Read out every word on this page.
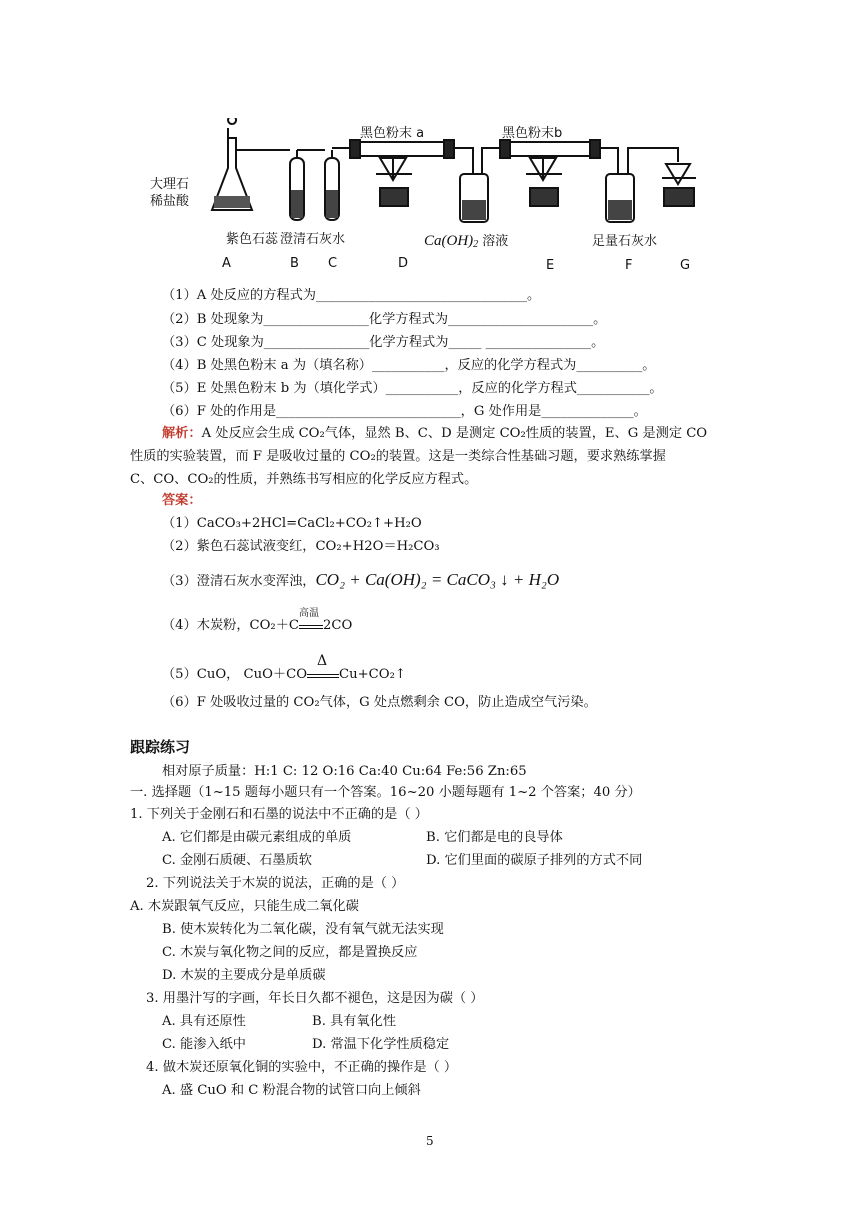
大理石
稀盐酸
黑色粉末 a	黑色粉末b
紫色石蕊 澄清石灰水	$Ca(OH)_2$ 溶液	足量石灰水
A	B C	D	E	F	G
（1）A 处反应的方程式为________________________________。
（2）B 处现象为________________化学方程式为______________________。
（3）C 处现象为________________化学方程式为_____ ________________。
（4）B 处黑色粉末 a 为（填名称）___________，反应的化学方程式为__________。
（5）E 处黑色粉末 b 为（填化学式）___________，反应的化学方程式___________。
（6）F 处的作用是____________________________，G 处作用是______________。
解析：A 处反应会生成 CO₂气体，显然 B、C、D 是测定 CO₂性质的装置，E、G 是测定 CO
性质的实验装置，而 F 是吸收过量的 CO₂的装置。这是一类综合性基础习题，要求熟练掌握
C、CO、CO₂的性质，并熟练书写相应的化学反应方程式。
答案：
（1）CaCO₃+2HCl=CaCl₂+CO₂↑+H₂O
（2）紫色石蕊试液变红，CO₂+H2O＝H₂CO₃
（3）澄清石灰水变浑浊，CO₂ + Ca(OH)₂ = CaCO₃ ↓ + H₂O
（4）木炭粉，CO₂＋C
高温
2CO
（5）CuO， CuO＋CO
Δ
Cu+CO₂↑
（6）F 处吸收过量的 CO₂气体，G 处点燃剩余 CO，防止造成空气污染。
跟踪练习
相对原子质量：H:1 C: 12 O:16 Ca:40 Cu:64 Fe:56 Zn:65
一. 选择题（1~15 题每小题只有一个答案。16~20 小题每题有 1~2 个答案；40 分）
1. 下列关于金刚石和石墨的说法中不正确的是（ ）
A. 它们都是由碳元素组成的单质	B. 它们都是电的良导体
C. 金刚石质硬、石墨质软	D. 它们里面的碳原子排列的方式不同
2. 下列说法关于木炭的说法，正确的是（ ）
A. 木炭跟氧气反应，只能生成二氧化碳
B. 使木炭转化为二氧化碳，没有氧气就无法实现
C. 木炭与氧化物之间的反应，都是置换反应
D. 木炭的主要成分是单质碳
3. 用墨汁写的字画，年长日久都不褪色，这是因为碳（ ）
A. 具有还原性	B. 具有氧化性
C. 能渗入纸中	D. 常温下化学性质稳定
4. 做木炭还原氧化铜的实验中，不正确的操作是（ ）
A. 盛 CuO 和 C 粉混合物的试管口向上倾斜
5
